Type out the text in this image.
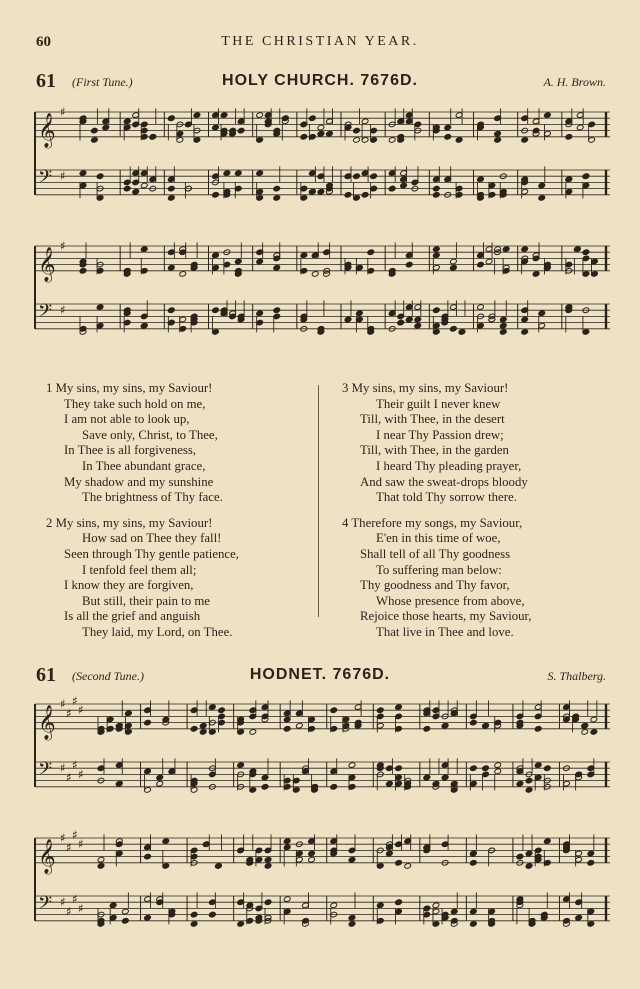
60	THE CHRISTIAN YEAR.
61 (First Tune.)	HOLY CHURCH. 7676D.	A. H. Brown.
𝄞
♯
𝄢 ♯
𝄞
♯
𝄢 ♯
1 My sins, my sins, my Saviour!
They take such hold on me,
I am not able to look up,
Save only, Christ, to Thee,
In Thee is all forgiveness,
In Thee abundant grace,
My shadow and my sunshine
The brightness of Thy face.
2 My sins, my sins, my Saviour!
How sad on Thee they fall!
Seen through Thy gentle patience,
I tenfold feel them all;
I know they are forgiven,
But still, their pain to me
Is all the grief and anguish
They laid, my Lord, on Thee.
3 My sins, my sins, my Saviour!
Their guilt I never knew
Till, with Thee, in the desert
I near Thy Passion drew;
Till, with Thee, in the garden
I heard Thy pleading prayer,
And saw the sweat-drops bloody
That told Thy sorrow there.
4 Therefore my songs, my Saviour,
E'en in this time of woe,
Shall tell of all Thy goodness
To suffering man below:
Thy goodness and Thy favor,
Whose presence from above,
Rejoice those hearts, my Saviour,
That live in Thee and love.
61 (Second Tune.)	HODNET. 7676D.	S. Thalberg.
𝄞
♯
♯
♯
♯
𝄢 ♯
♯
♯
♯
𝄞
♯
♯
♯
♯
𝄢 ♯
♯
♯
♯
